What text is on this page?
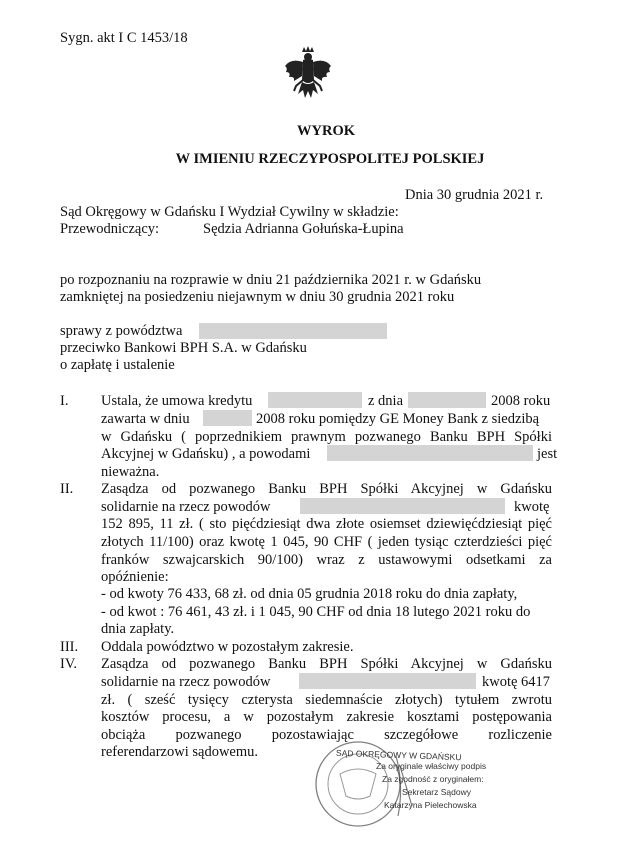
Sygn. akt I C 1453/18
WYROK
W IMIENIU RZECZYPOSPOLITEJ POLSKIEJ
Dnia 30 grudnia 2021 r.
Sąd Okręgowy w Gdańsku I Wydział Cywilny w składzie:
Przewodniczący:	Sędzia Adrianna Gołuńska-Łupina
po rozpoznaniu na rozprawie w dniu 21 października 2021 r. w Gdańsku
zamkniętej na posiedzeniu niejawnym w dniu 30 grudnia 2021 roku
sprawy z powództwa
przeciwko Bankowi BPH S.A. w Gdańsku
o zapłatę i ustalenie
I. Ustala, że umowa kredytu	z dnia	2008 roku
zawarta w dniu	2008 roku pomiędzy GE Money Bank z siedzibą
w Gdańsku ( poprzednikiem prawnym pozwanego Banku BPH Spółki
Akcyjnej w Gdańsku) , a powodami	jest
nieważna.
II. Zasądza od pozwanego Banku BPH Spółki Akcyjnej w Gdańsku
solidarnie na rzecz powodów	kwotę
152 895, 11 zł. ( sto pięćdziesiąt dwa złote osiemset dziewięćdziesiąt pięć
złotych 11/100) oraz kwotę 1 045, 90 CHF ( jeden tysiąc czterdzieści pięć
franków szwajcarskich 90/100) wraz z ustawowymi odsetkami za
opóźnienie:
- od kwoty 76 433, 68 zł. od dnia 05 grudnia 2018 roku do dnia zapłaty,
- od kwot : 76 461, 43 zł. i 1 045, 90 CHF od dnia 18 lutego 2021 roku do
dnia zapłaty.
III. Oddala powództwo w pozostałym zakresie.
IV. Zasądza od pozwanego Banku BPH Spółki Akcyjnej w Gdańsku
solidarnie na rzecz powodów	kwotę 6417
zł. ( sześć tysięcy czterysta siedemnaście złotych) tytułem zwrotu
kosztów procesu, a w pozostałym zakresie kosztami postępowania
obciąża pozwanego pozostawiając szczegółowe rozliczenie
referendarzowi sądowemu.	SĄD OKRĘGOWY W GDAŃSKU
Za oryginale właściwy podpis
Za zgodność z oryginałem:
Sekretarz Sądowy
Katarzyna Pielechowska
